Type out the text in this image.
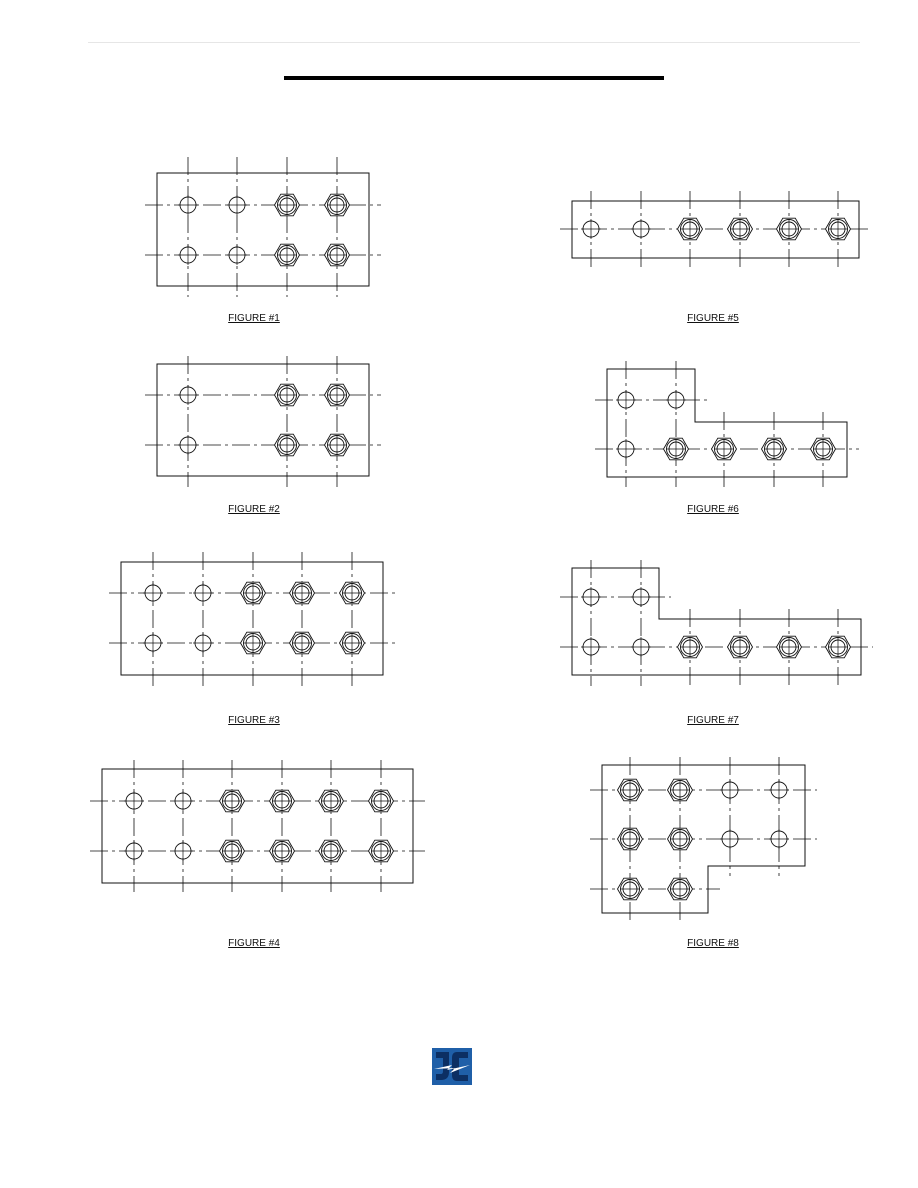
FIGURE #1
FIGURE #2
FIGURE #3
FIGURE #4
FIGURE #5
FIGURE #6
FIGURE #7
FIGURE #8
